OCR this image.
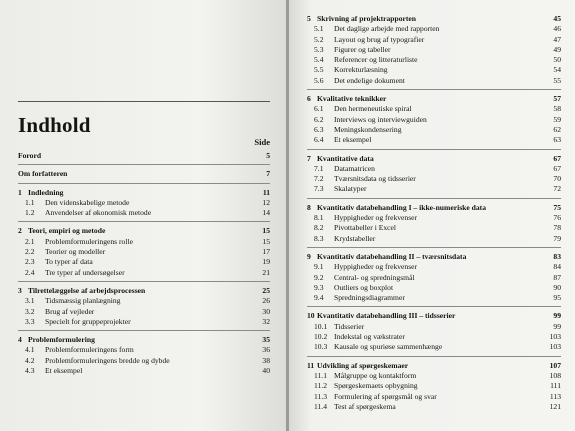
Indhold
Side
Forord	5
Om forfatteren	7
1 Indledning	11
1.1	Den videnskabelige metode	12
1.2	Anvendelser af økonomisk metode	14
2 Teori, empiri og metode	15
2.1	Problemformuleringens rolle	15
2.2	Teorier og modeller	17
2.3	To typer af data	19
2.4	Tre typer af undersøgelser	21
3 Tilrettelæggelse af arbejdsprocessen	25
3.1	Tidsmæssig planlægning	26
3.2	Brug af vejleder	30
3.3	Specielt for gruppeprojekter	32
4 Problemformulering	35
4.1	Problemformuleringens form	36
4.2	Problemformuleringens bredde og dybde	38
4.3	Et eksempel	40
5 Skrivning af projektrapporten	45
5.1	Det daglige arbejde med rapporten	46
5.2	Layout og brug af typografier	47
5.3	Figurer og tabeller	49
5.4	Referencer og litteraturliste	50
5.5	Korrekturlæsning	54
5.6	Det endelige dokument	55
6 Kvalitative teknikker	57
6.1	Den hermeneutiske spiral	58
6.2	Interviews og interviewguiden	59
6.3	Meningskondensering	62
6.4	Et eksempel	63
7 Kvantitative data	67
7.1	Datamatricen	67
7.2	Tværsnitsdata og tidsserier	70
7.3	Skalatyper	72
8 Kvantitativ databehandling I – ikke-numeriske data	75
8.1	Hyppigheder og frekvenser	76
8.2	Pivottabeller i Excel	78
8.3	Krydstabeller	79
9 Kvantitativ databehandling II – tværsnitsdata	83
9.1	Hyppigheder og frekvenser	84
9.2	Central- og spredningsmål	87
9.3	Outliers og boxplot	90
9.4	Spredningsdiagrammer	95
10 Kvantitativ databehandling III – tidsserier	99
10.1 Tidsserier	99
10.2 Indekstal og vækstrater	103
10.3 Kausale og spuriøse sammenhænge	103
11 Udvikling af spørgeskemaer	107
11.1 Målgruppe og kontaktform	108
11.2 Spørgeskemaets opbygning	111
11.3 Formulering af spørgsmål og svar	113
11.4 Test af spørgeskema	121
